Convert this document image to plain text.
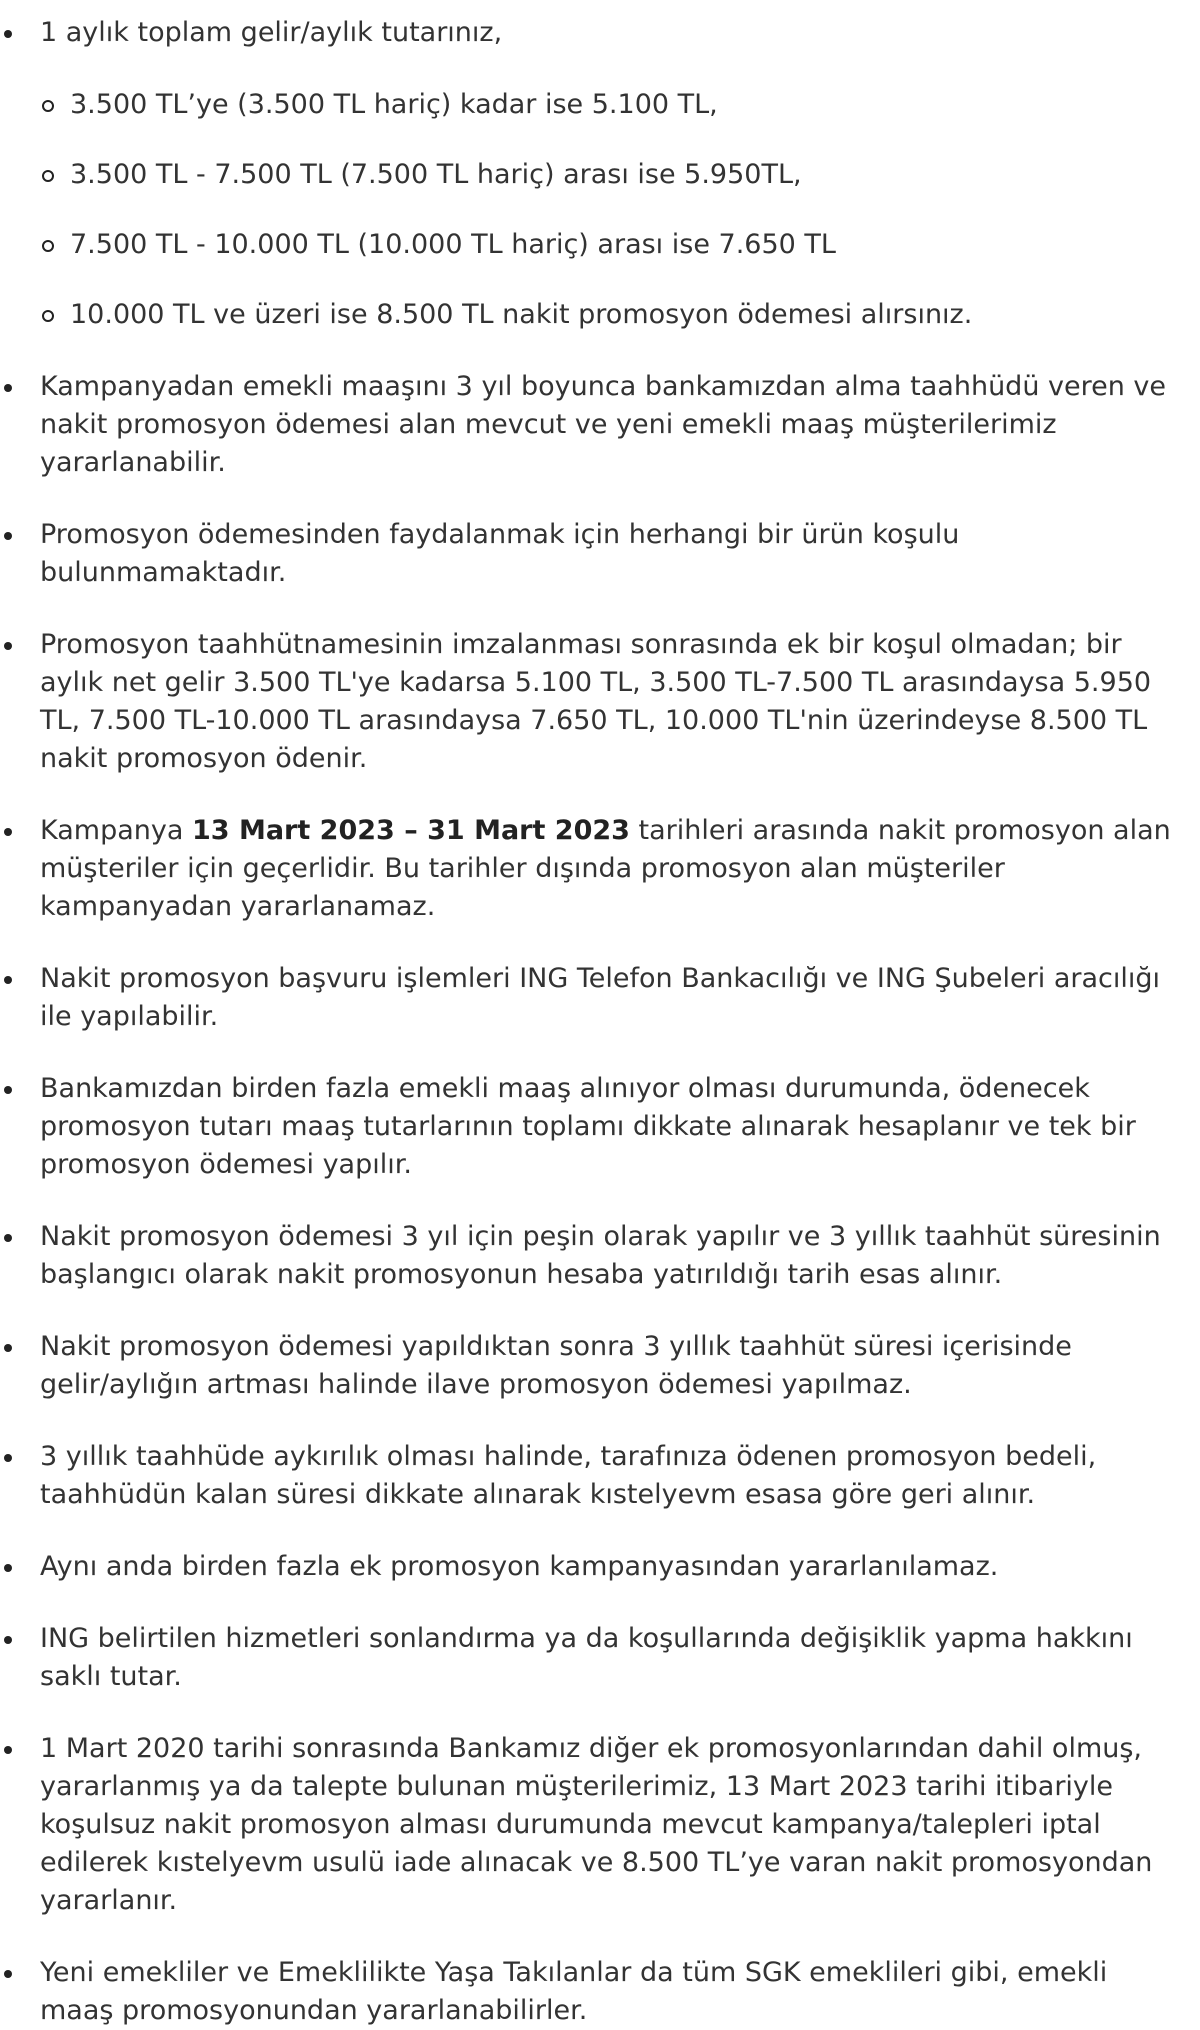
1 aylık toplam gelir/aylık tutarınız,
3.500 TL’ye (3.500 TL hariç) kadar ise 5.100 TL,
3.500 TL - 7.500 TL (7.500 TL hariç) arası ise 5.950TL,
7.500 TL - 10.000 TL (10.000 TL hariç) arası ise 7.650 TL
10.000 TL ve üzeri ise 8.500 TL nakit promosyon ödemesi alırsınız.
Kampanyadan emekli maaşını 3 yıl boyunca bankamızdan alma taahhüdü veren ve nakit promosyon ödemesi alan mevcut ve yeni emekli maaş müşterilerimiz yararlanabilir.
Promosyon ödemesinden faydalanmak için herhangi bir ürün koşulu bulunmamaktadır.
Promosyon taahhütnamesinin imzalanması sonrasında ek bir koşul olmadan; bir aylık net gelir 3.500 TL'ye kadarsa 5.100 TL, 3.500 TL-7.500 TL arasındaysa 5.950 TL, 7.500 TL-10.000 TL arasındaysa 7.650 TL, 10.000 TL'nin üzerindeyse 8.500 TL nakit promosyon ödenir.
Kampanya 13 Mart 2023 – 31 Mart 2023 tarihleri arasında nakit promosyon alan müşteriler için geçerlidir. Bu tarihler dışında promosyon alan müşteriler kampanyadan yararlanamaz.
Nakit promosyon başvuru işlemleri ING Telefon Bankacılığı ve ING Şubeleri aracılığı ile yapılabilir.
Bankamızdan birden fazla emekli maaş alınıyor olması durumunda, ödenecek promosyon tutarı maaş tutarlarının toplamı dikkate alınarak hesaplanır ve tek bir promosyon ödemesi yapılır.
Nakit promosyon ödemesi 3 yıl için peşin olarak yapılır ve 3 yıllık taahhüt süresinin başlangıcı olarak nakit promosyonun hesaba yatırıldığı tarih esas alınır.
Nakit promosyon ödemesi yapıldıktan sonra 3 yıllık taahhüt süresi içerisinde gelir/aylığın artması halinde ilave promosyon ödemesi yapılmaz.
3 yıllık taahhüde aykırılık olması halinde, tarafınıza ödenen promosyon bedeli, taahhüdün kalan süresi dikkate alınarak kıstelyevm esasa göre geri alınır.
Aynı anda birden fazla ek promosyon kampanyasından yararlanılamaz.
ING belirtilen hizmetleri sonlandırma ya da koşullarında değişiklik yapma hakkını saklı tutar.
1 Mart 2020 tarihi sonrasında Bankamız diğer ek promosyonlarından dahil olmuş, yararlanmış ya da talepte bulunan müşterilerimiz, 13 Mart 2023 tarihi itibariyle koşulsuz nakit promosyon alması durumunda mevcut kampanya/talepleri iptal edilerek kıstelyevm usulü iade alınacak ve 8.500 TL’ye varan nakit promosyondan yararlanır.
Yeni emekliler ve Emeklilikte Yaşa Takılanlar da tüm SGK emeklileri gibi, emekli maaş promosyonundan yararlanabilirler.
